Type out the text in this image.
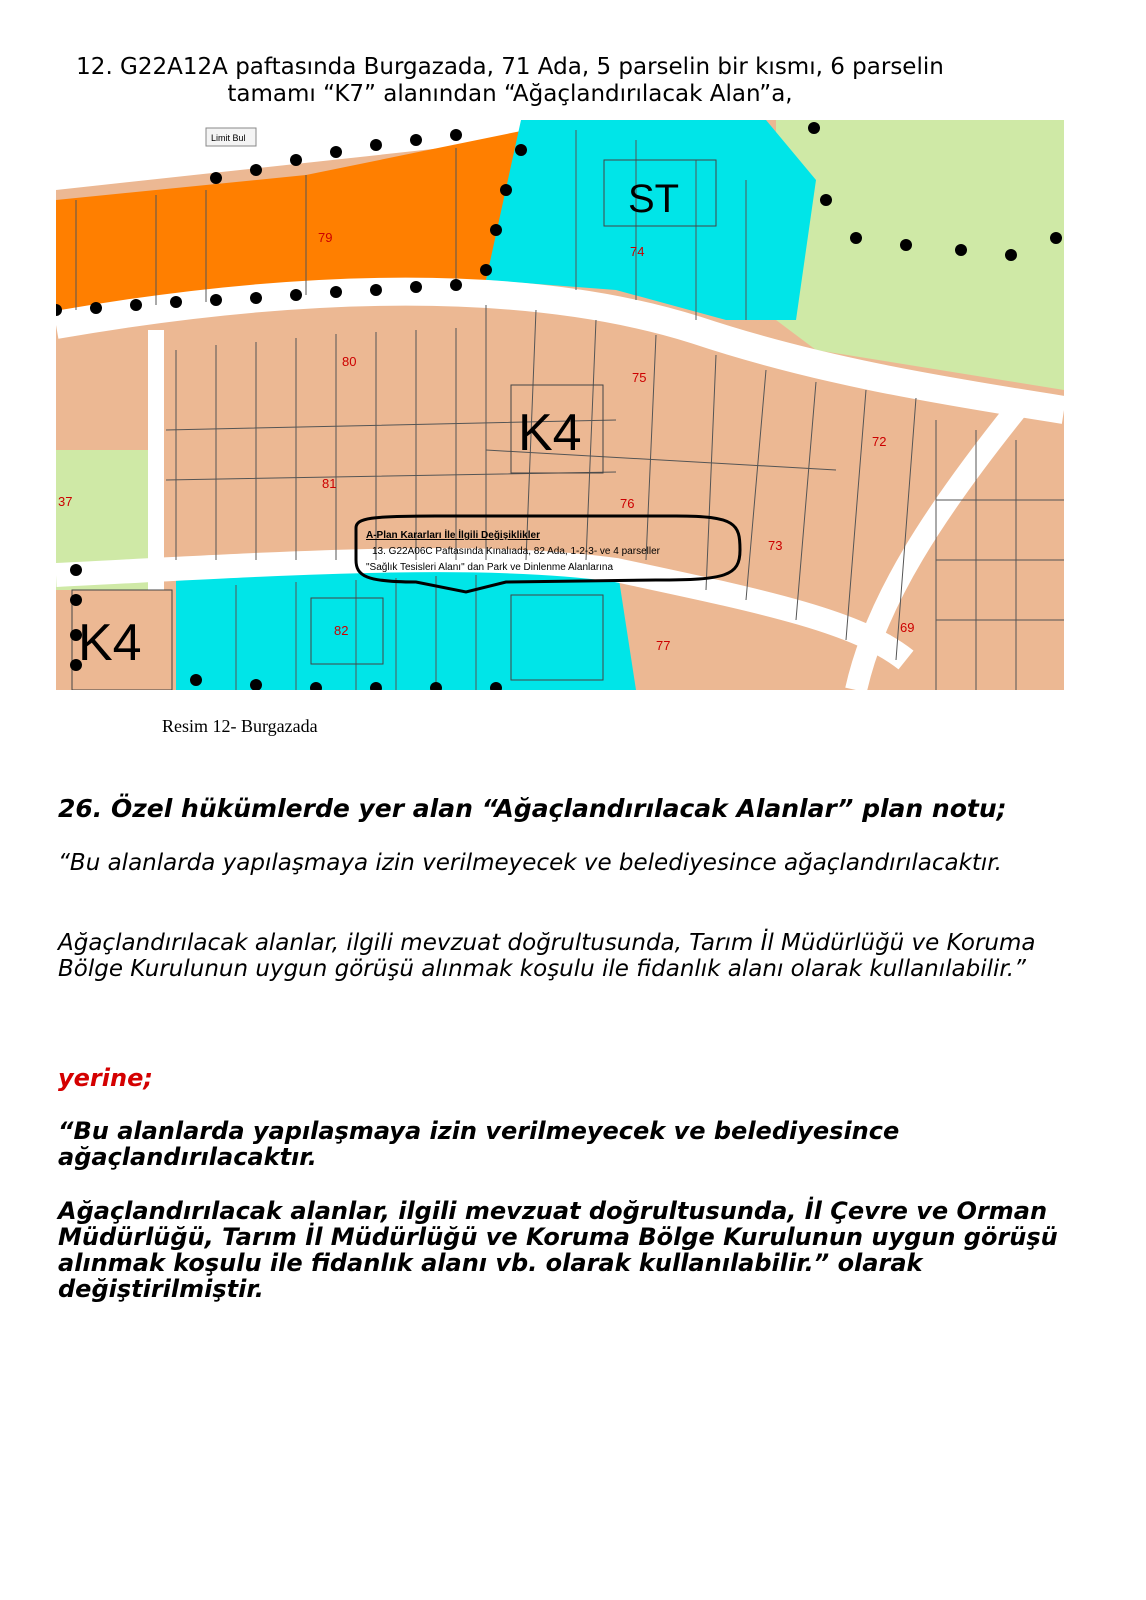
12. G22A12A paftasında Burgazada, 71 Ada, 5 parselin bir kısmı, 6 parselin
tamamı “K7” alanından “Ağaçlandırılacak Alan”a,
Limit Bul
ST
K4
K4
79
74
80
75
72
81
76
73
37
82
77
69
A-Plan Kararları İle İlgili Değişiklikler
13. G22A06C Paftasında Kınalıada, 82 Ada, 1-2-3- ve 4 parseller
"Sağlık Tesisleri Alanı" dan Park ve Dinlenme Alanlarına
Resim 12- Burgazada
26. Özel hükümlerde yer alan “Ağaçlandırılacak Alanlar” plan notu;
“Bu alanlarda yapılaşmaya izin verilmeyecek ve belediyesince ağaçlandırılacaktır.
Ağaçlandırılacak alanlar, ilgili mevzuat doğrultusunda, Tarım İl Müdürlüğü ve Koruma Bölge Kurulunun uygun görüşü alınmak koşulu ile fidanlık alanı olarak kullanılabilir.”
yerine;
“Bu alanlarda yapılaşmaya izin verilmeyecek ve belediyesince ağaçlandırılacaktır.
Ağaçlandırılacak alanlar, ilgili mevzuat doğrultusunda, İl Çevre ve Orman Müdürlüğü, Tarım İl Müdürlüğü ve Koruma Bölge Kurulunun uygun görüşü alınmak koşulu ile fidanlık alanı vb. olarak kullanılabilir.” olarak değiştirilmiştir.
